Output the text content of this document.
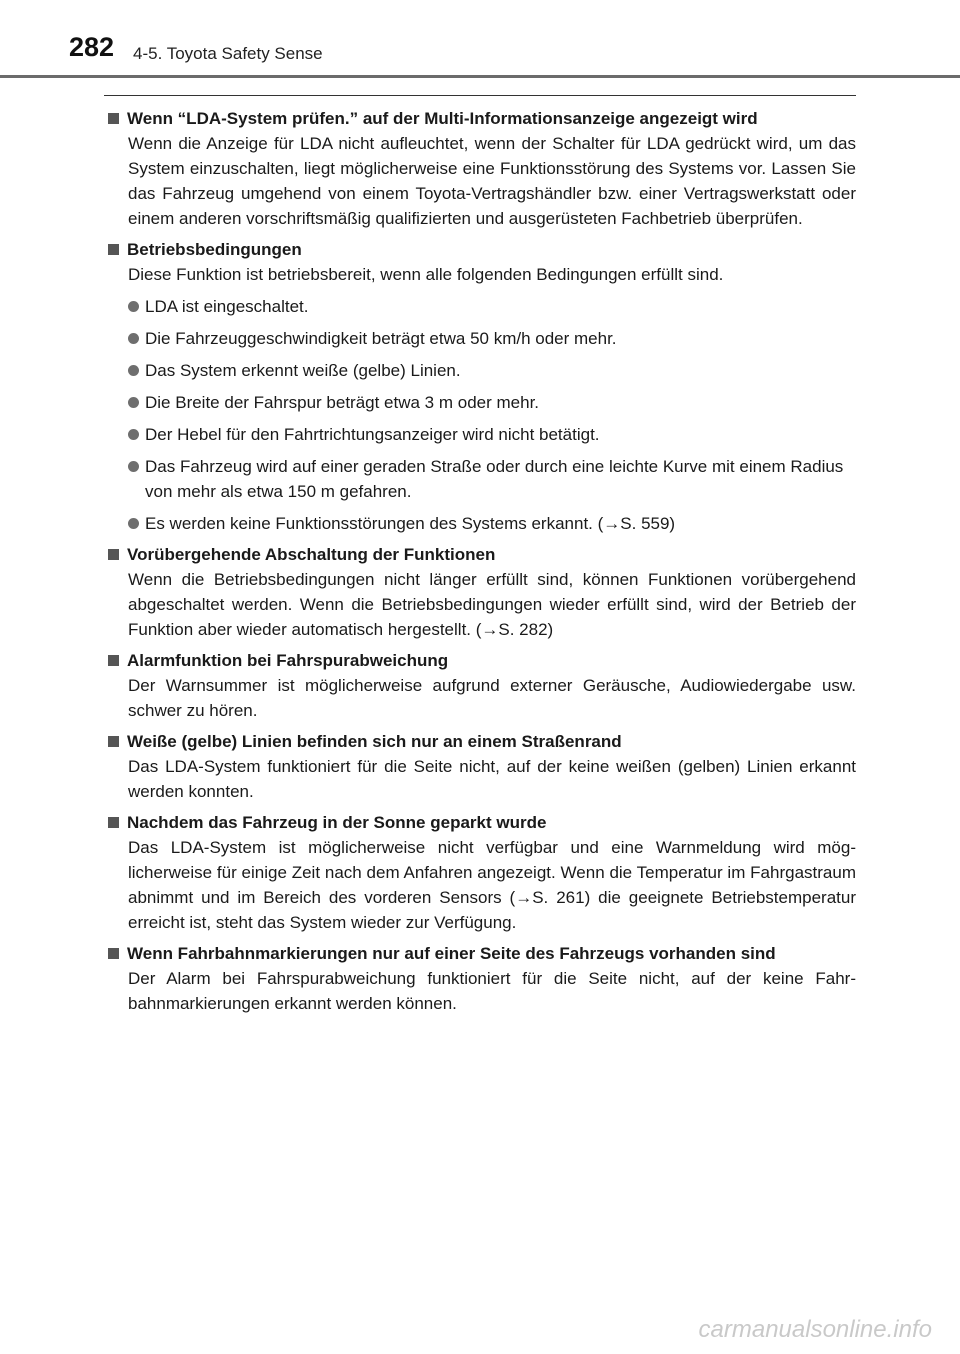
282 4-5. Toyota Safety Sense
Wenn “LDA-System prüfen.” auf der Multi-Informationsanzeige angezeigt wird
Wenn die Anzeige für LDA nicht aufleuchtet, wenn der Schalter für LDA gedrückt wird, um das System einzuschalten, liegt möglicherweise eine Funktionsstörung des Systems vor. Lassen Sie das Fahrzeug umgehend von einem Toyota-Vertragshändler bzw. einer Vertragswerkstatt oder einem anderen vorschriftsmäßig qualifizierten und ausgerüsteten Fachbetrieb überprüfen.
Betriebsbedingungen
Diese Funktion ist betriebsbereit, wenn alle folgenden Bedingungen erfüllt sind.
LDA ist eingeschaltet.
Die Fahrzeuggeschwindigkeit beträgt etwa 50 km/h oder mehr.
Das System erkennt weiße (gelbe) Linien.
Die Breite der Fahrspur beträgt etwa 3 m oder mehr.
Der Hebel für den Fahrtrichtungsanzeiger wird nicht betätigt.
Das Fahrzeug wird auf einer geraden Straße oder durch eine leichte Kurve mit einem Radius von mehr als etwa 150 m gefahren.
Es werden keine Funktionsstörungen des Systems erkannt. (→S. 559)
Vorübergehende Abschaltung der Funktionen
Wenn die Betriebsbedingungen nicht länger erfüllt sind, können Funktionen vorübergehend abgeschaltet werden. Wenn die Betriebsbedingungen wieder erfüllt sind, wird der Betrieb der Funktion aber wieder automatisch hergestellt. (→S. 282)
Alarmfunktion bei Fahrspurabweichung
Der Warnsummer ist möglicherweise aufgrund externer Geräusche, Audiowiedergabe usw. schwer zu hören.
Weiße (gelbe) Linien befinden sich nur an einem Straßenrand
Das LDA-System funktioniert für die Seite nicht, auf der keine weißen (gelben) Linien erkannt werden konnten.
Nachdem das Fahrzeug in der Sonne geparkt wurde
Das LDA-System ist möglicherweise nicht verfügbar und eine Warnmeldung wird möglicherweise für einige Zeit nach dem Anfahren angezeigt. Wenn die Temperatur im Fahrgastraum abnimmt und im Bereich des vorderen Sensors (→S. 261) die geeignete Betriebstemperatur erreicht ist, steht das System wieder zur Verfügung.
Wenn Fahrbahnmarkierungen nur auf einer Seite des Fahrzeugs vorhanden sind
Der Alarm bei Fahrspurabweichung funktioniert für die Seite nicht, auf der keine Fahrbahnmarkierungen erkannt werden können.
carmanualsonline.info
